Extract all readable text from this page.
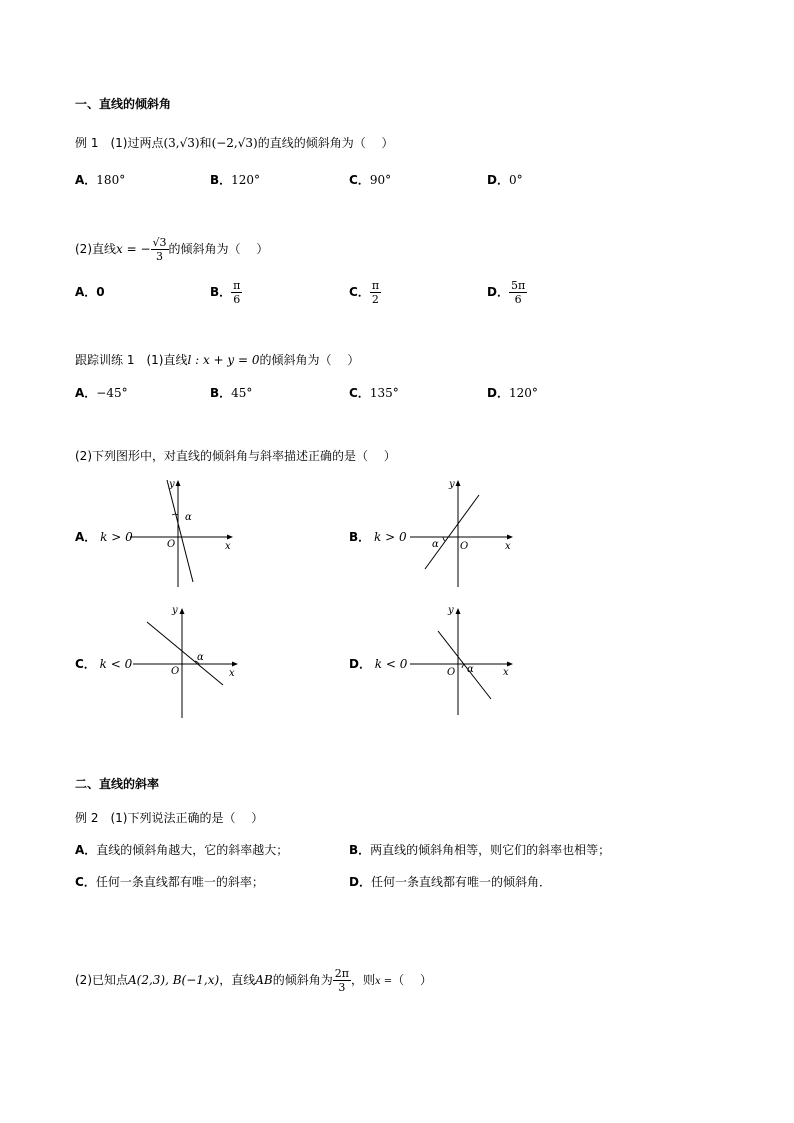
一、直线的倾斜角
例 1　(1)过两点(3,√3)和(−2,√3)的直线的倾斜角为（　 ）
A．180°	B．120°	C．90°	D．0°
(2)直线x = − $\frac{√3}{3}$ 的倾斜角为（　 ）
A．0	B． $\frac{\pi}{6}$	C． $\frac{\pi}{2}$	D． $\frac{5\pi}{6}$
跟踪训练 1　(1)直线l : x + y = 0的倾斜角为（　 ）
A．−45°	B．45°	C．135°	D．120°
(2)下列图形中，对直线的倾斜角与斜率描述正确的是（　 ）
A． k > 0	B． k > 0
C． k < 0	D． k < 0
x
y
O
α
x
y
O
α
x
y
O
α
x
y
O α
二、直线的斜率
例 2　(1)下列说法正确的是（　 ）
A．直线的倾斜角越大，它的斜率越大；	B．两直线的倾斜角相等，则它们的斜率也相等；
C．任何一条直线都有唯一的斜率；	D．任何一条直线都有唯一的倾斜角．
(2)已知点A(2,3), B(−1,x)，直线AB的倾斜角为 $\frac{2\pi}{3}$ ，则x =（　 ）
